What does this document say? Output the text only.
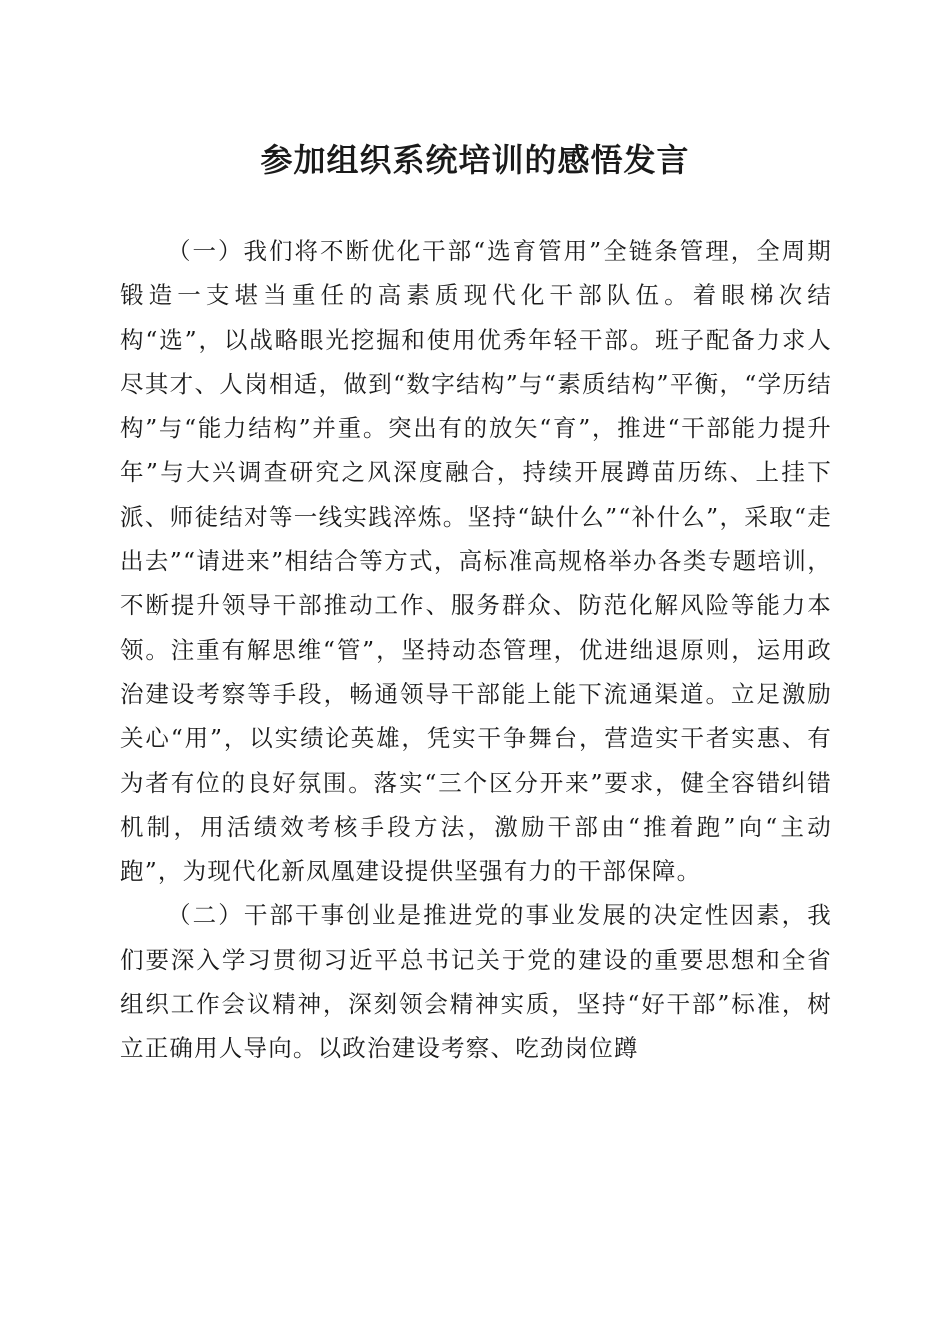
参加组织系统培训的感悟发言

（一）我们将不断优化干部“选育管用”全链条管理，全周期锻造一支堪当重任的高素质现代化干部队伍。着眼梯次结构“选”，以战略眼光挖掘和使用优秀年轻干部。班子配备力求人尽其才、人岗相适，做到“数字结构”与“素质结构”平衡，“学历结构”与“能力结构”并重。突出有的放矢“育”，推进“干部能力提升年”与大兴调查研究之风深度融合，持续开展蹲苗历练、上挂下派、师徒结对等一线实践淬炼。坚持“缺什么”“补什么”，采取“走出去”“请进来”相结合等方式，高标准高规格举办各类专题培训，不断提升领导干部推动工作、服务群众、防范化解风险等能力本领。注重有解思维“管”，坚持动态管理，优进绌退原则，运用政治建设考察等手段，畅通领导干部能上能下流通渠道。立足激励关心“用”，以实绩论英雄，凭实干争舞台，营造实干者实惠、有为者有位的良好氛围。落实“三个区分开来”要求，健全容错纠错机制，用活绩效考核手段方法，激励干部由“推着跑”向“主动跑”，为现代化新凤凰建设提供坚强有力的干部保障。

（二）干部干事创业是推进党的事业发展的决定性因素，我们要深入学习贯彻习近平总书记关于党的建设的重要思想和全省组织工作会议精神，深刻领会精神实质，坚持“好干部”标准，树立正确用人导向。以政治建设考察、吃劲岗位蹲
